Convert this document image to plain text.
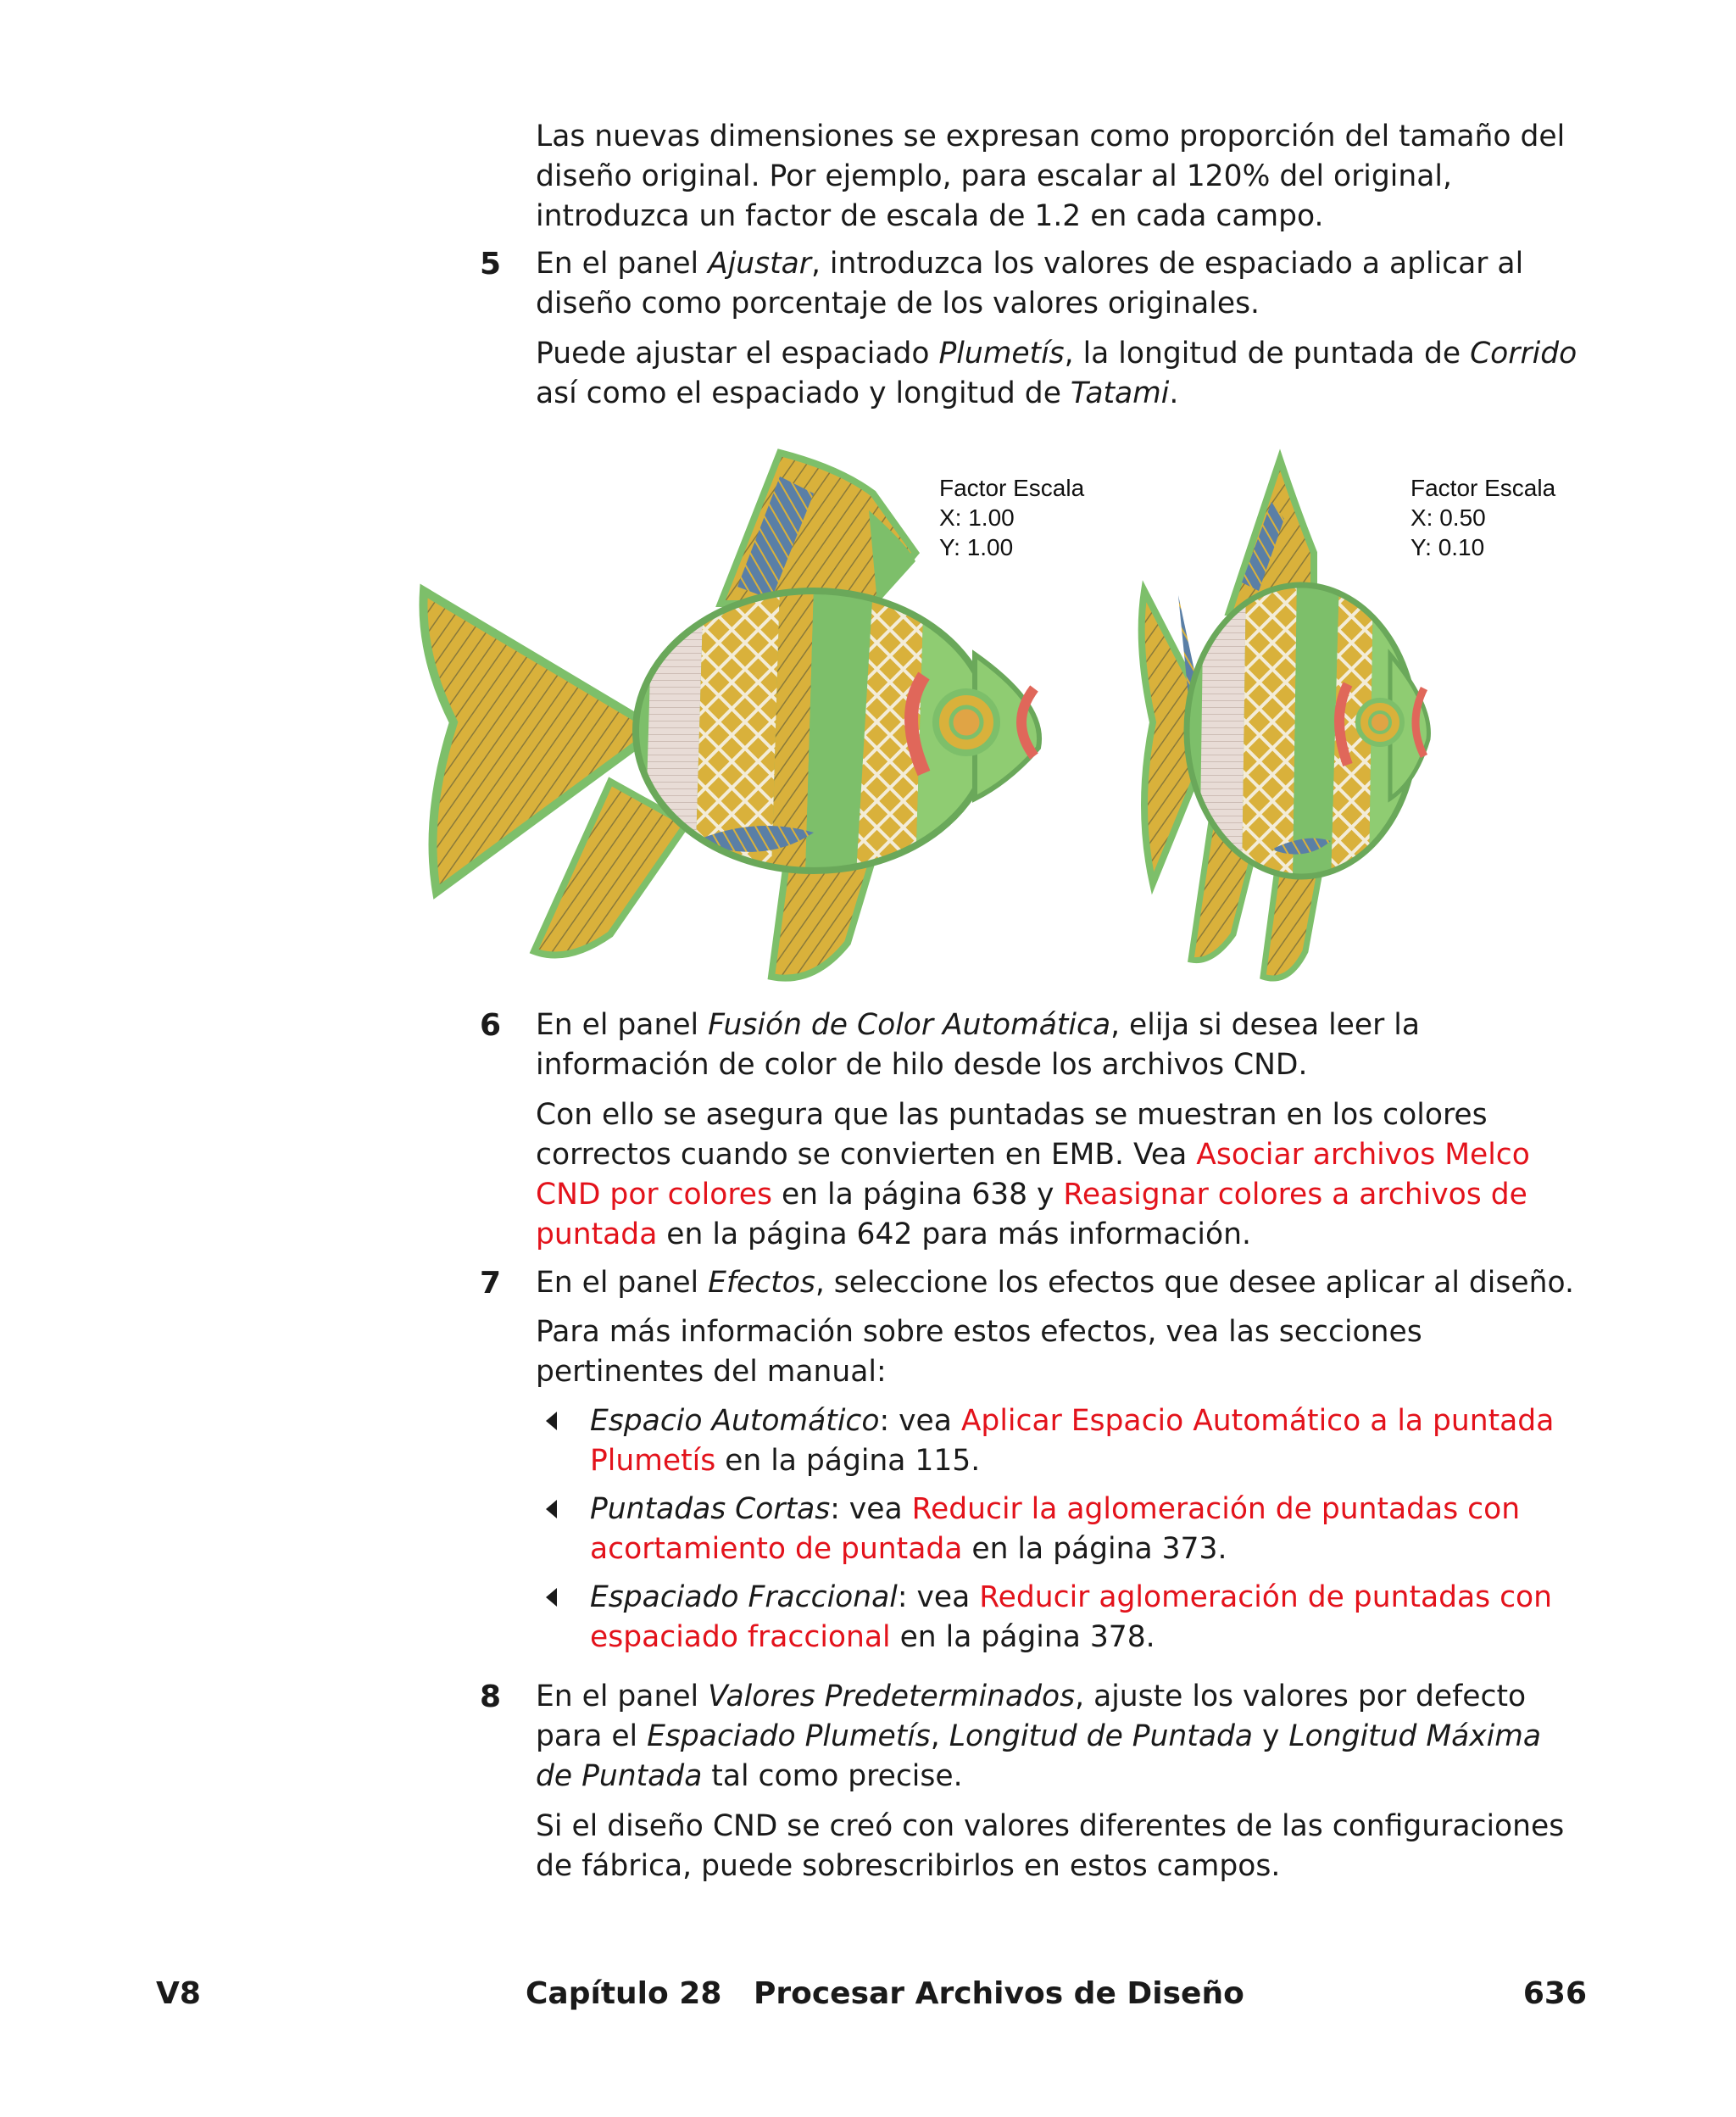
Las nuevas dimensiones se expresan como proporción del tamaño del diseño original. Por ejemplo, para escalar al 120% del original, introduzca un factor de escala de 1.2 en cada campo.

5 En el panel Ajustar, introduzca los valores de espaciado a aplicar al diseño como porcentaje de los valores originales.

Puede ajustar el espaciado Plumetís, la longitud de puntada de Corrido así como el espaciado y longitud de Tatami.

Factor Escala
X: 1.00
Y: 1.00
Factor Escala
X: 0.50
Y: 0.10
6 En el panel Fusión de Color Automática, elija si desea leer la información de color de hilo desde los archivos CND.

Con ello se asegura que las puntadas se muestran en los colores correctos cuando se convierten en EMB. Vea Asociar archivos Melco CND por colores en la página 638 y Reasignar colores a archivos de puntada en la página 642 para más información.

7 En el panel Efectos, seleccione los efectos que desee aplicar al diseño.

Para más información sobre estos efectos, vea las secciones pertinentes del manual:

Espacio Automático: vea Aplicar Espacio Automático a la puntada Plumetís en la página 115.

Puntadas Cortas: vea Reducir la aglomeración de puntadas con acortamiento de puntada en la página 373.

Espaciado Fraccional: vea Reducir aglomeración de puntadas con espaciado fraccional en la página 378.

8 En el panel Valores Predeterminados, ajuste los valores por defecto para el Espaciado Plumetís, Longitud de Puntada y Longitud Máxima de Puntada tal como precise.

Si el diseño CND se creó con valores diferentes de las configuraciones de fábrica, puede sobrescribirlos en estos campos.

V8	Capítulo 28   Procesar Archivos de Diseño	636
